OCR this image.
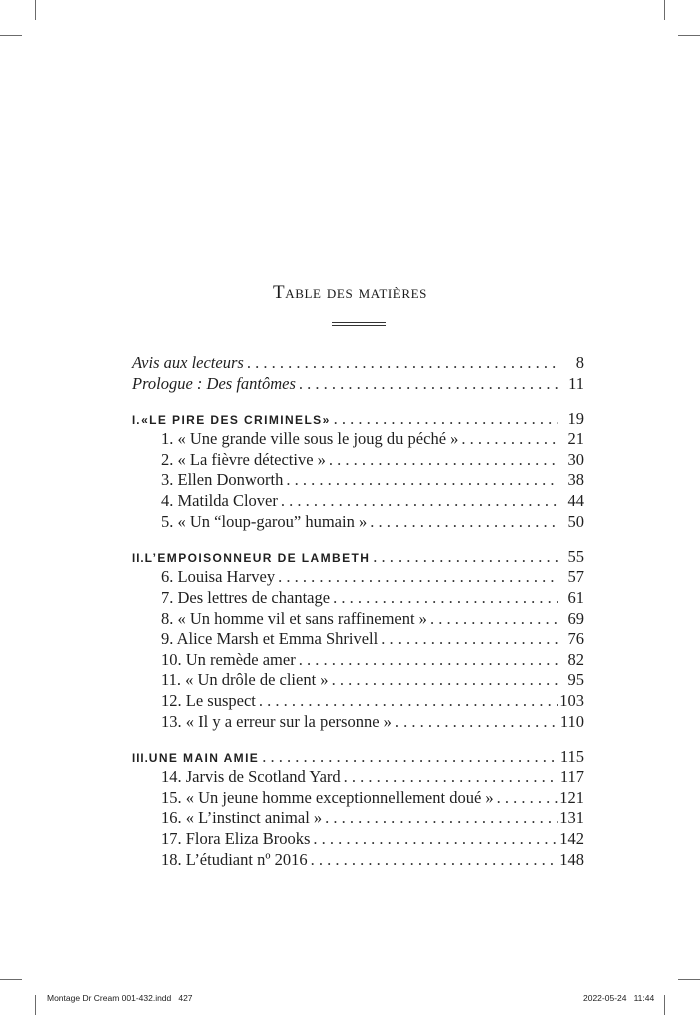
Table des matières
Avis aux lecteurs . . .	8
Prologue : Des fantômes . . .	11
I. «LE PIRE DES CRIMINELS» . . .	19
1. « Une grande ville sous le joug du péché » . . .	21
2. « La fièvre détective » . . .	30
3. Ellen Donworth . . .	38
4. Matilda Clover . . .	44
5. « Un “loup-garou” humain » . . .	50
II. L’EMPOISONNEUR DE LAMBETH . . .	55
6. Louisa Harvey . . .	57
7. Des lettres de chantage . . .	61
8. « Un homme vil et sans raffinement » . . .	69
9. Alice Marsh et Emma Shrivell . . .	76
10. Un remède amer . . .	82
11. « Un drôle de client » . . .	95
12. Le suspect . . .	103
13. « Il y a erreur sur la personne » . . .	110
III. UNE MAIN AMIE . . .	115
14. Jarvis de Scotland Yard . . .	117
15. « Un jeune homme exceptionnellement doué » . . .	121
16. « L’instinct animal » . . .	131
17. Flora Eliza Brooks . . .	142
18. L’étudiant nº 2016 . . .	148
Montage Dr Cream 001-432.indd   427	2022-05-24   11:44
